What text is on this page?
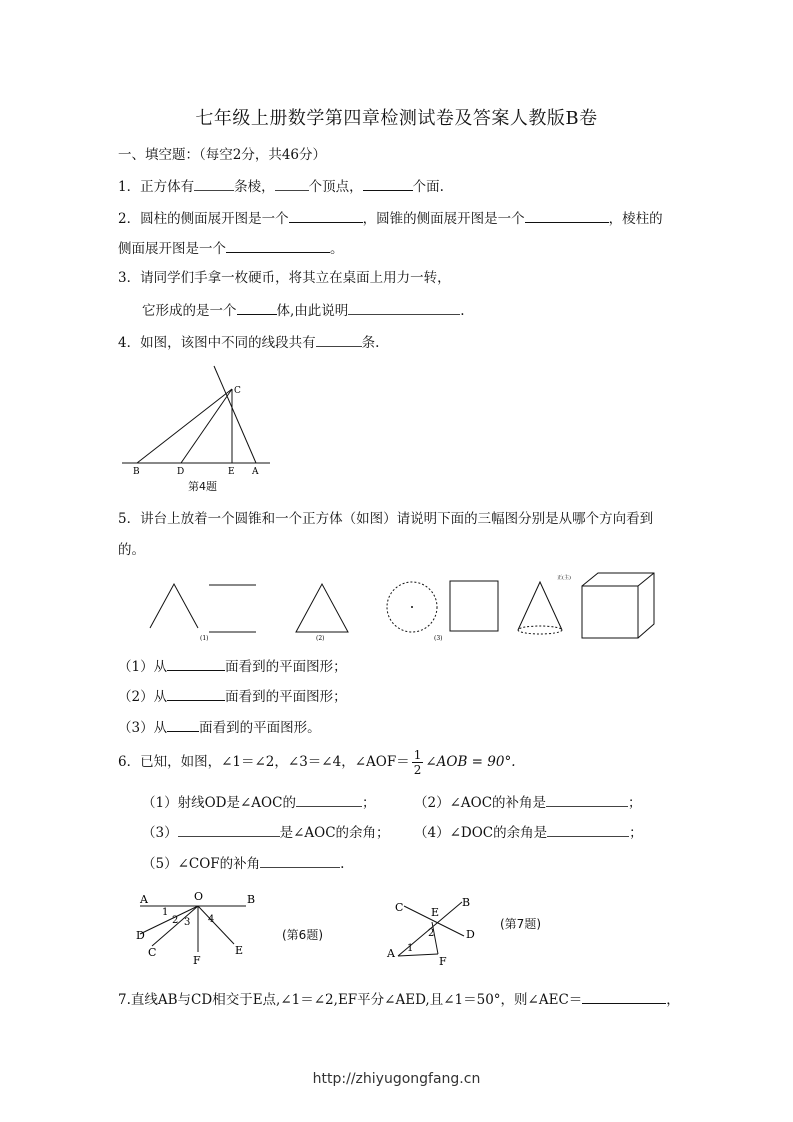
七年级上册数学第四章检测试卷及答案人教版B卷
一、填空题：（每空2分，共46分）
1．正方体有	条棱，	个顶点，	个面.
2．圆柱的侧面展开图是一个	，圆锥的侧面展开图是一个	，棱柱的
侧面展开图是一个	。
3．请同学们手拿一枚硬币，将其立在桌面上用力一转，
它形成的是一个	体,由此说明	.
4．如图，该图中不同的线段共有	条.
B	D	E A
C
第4题
5．讲台上放着一个圆锥和一个正方体（如图）请说明下面的三幅图分别是从哪个方向看到
的。
(1)	(2)	(3)
正(主)
（1）从	面看到的平面图形；
（2）从	面看到的平面图形；
（3）从 面看到的平面图形。
6．已知，如图，∠1＝∠2，∠3＝∠4，∠AOF＝ $\frac{1}{2}$ ∠AOB = 90°.
（1）射线OD是∠AOC的	；	（2）∠AOC的补角是	；
（3）	是∠AOC的余角； （4）∠DOC的余角是	；
（5）∠COF的补角	.
A	O	B
1
2 3 4
D
C
F
E
(第6题)
C	E
B
2	D
1
A
F
(第7题)
7.直线AB与CD相交于E点,∠1＝∠2,EF平分∠AED,且∠1＝50°，则∠AEC＝	，
http://zhiyugongfang.cn
